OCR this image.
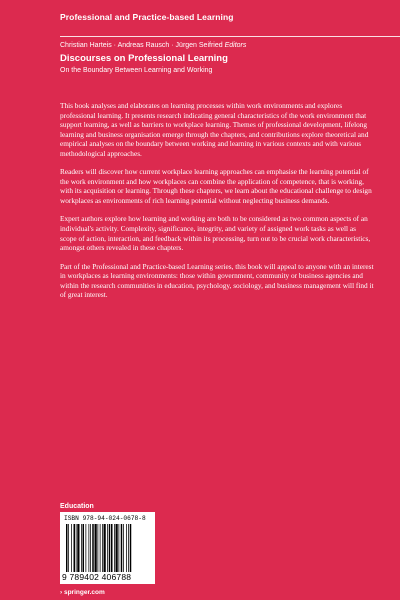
Professional and Practice-based Learning
Christian Harteis · Andreas Rausch · Jürgen Seifried Editors
Discourses on Professional Learning
On the Boundary Between Learning and Working

This book analyses and elaborates on learning processes within work environments and explores professional learning. It presents research indicating general characteristics of the work environment that support learning, as well as barriers to workplace learning. Themes of professional development, lifelong learning and business organisation emerge through the chapters, and contributions explore theoretical and empirical analyses on the boundary between working and learning in various contexts and with various methodological approaches.

Readers will discover how current workplace learning approaches can emphasise the learning potential of the work environment and how workplaces can combine the application of competence, that is working, with its acquisition or learning. Through these chapters, we learn about the educational challenge to design workplaces as environments of rich learning potential without neglecting business demands.

Expert authors explore how learning and working are both to be considered as two common aspects of an individual's activity. Complexity, significance, integrity, and variety of assigned work tasks as well as scope of action, interaction, and feedback within its processing, turn out to be crucial work characteristics, amongst others revealed in these chapters.

Part of the Professional and Practice-based Learning series, this book will appeal to anyone with an interest in workplaces as learning environments: those within government, community or business agencies and within the research communities in education, psychology, sociology, and business management will find it of great interest.

Education
ISBN 978-94-024-0678-8
9 789402 406788
› springer.com
